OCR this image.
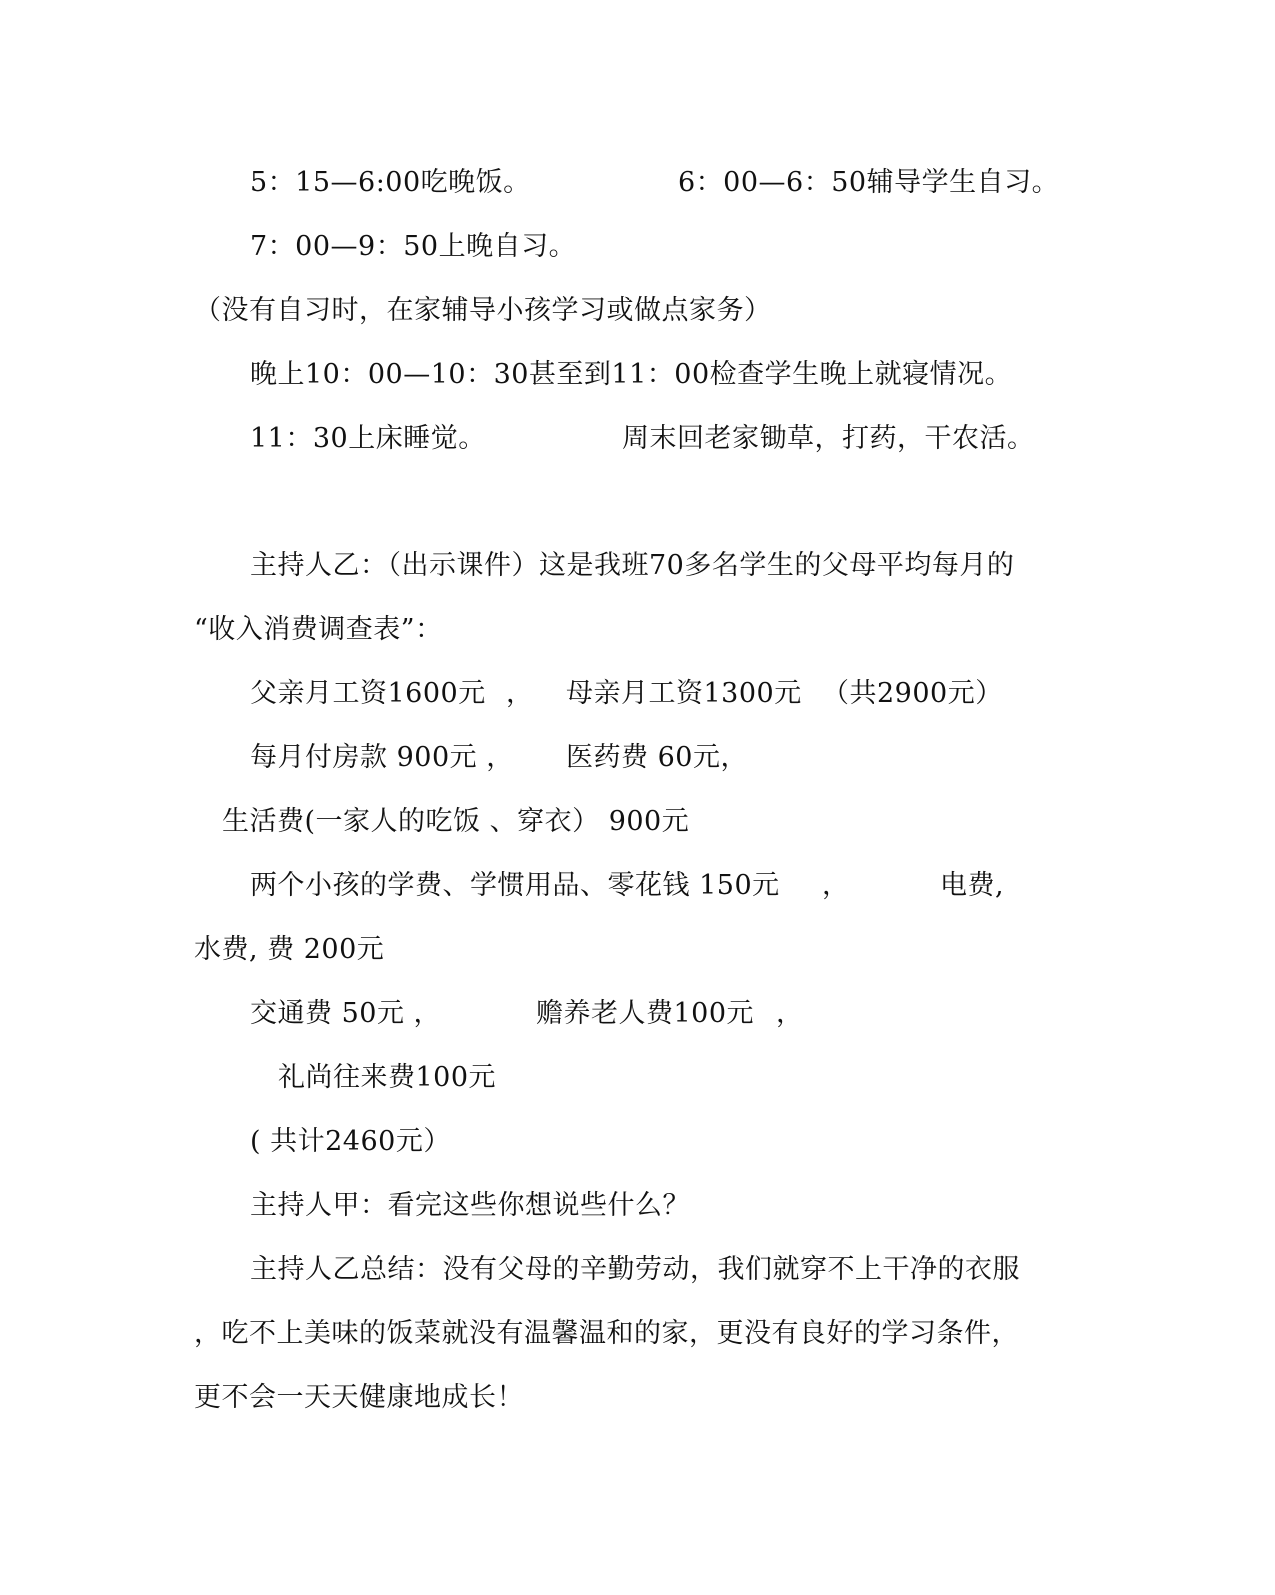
5：15—6:00吃晚饭。	6：00—6：50辅导学生自习。
7：00—9：50上晚自习。
（没有自习时，在家辅导小孩学习或做点家务）
晚上10：00—10：30甚至到11：00检查学生晚上就寝情况。
11：30上床睡觉。	周末回老家锄草，打药，干农活。
主持人乙：（出示课件）这是我班70多名学生的父母平均每月的
“收入消费调查表”：
父亲月工资1600元 ， 母亲月工资1300元 （共2900元）
每月付房款 900元 ， 医药费 60元，
生活费(一家人的吃饭 、穿衣） 900元
两个小孩的学费、学惯用品、零花钱 150元 ，	电费,
水费, 费 200元
交通费 50元 ，	赡养老人费100元 ，
礼尚往来费100元
( 共计2460元）
主持人甲：看完这些你想说些什么？
主持人乙总结：没有父母的辛勤劳动，我们就穿不上干净的衣服
，吃不上美味的饭菜就没有温馨温和的家，更没有良好的学习条件，
更不会一天天健康地成长！
